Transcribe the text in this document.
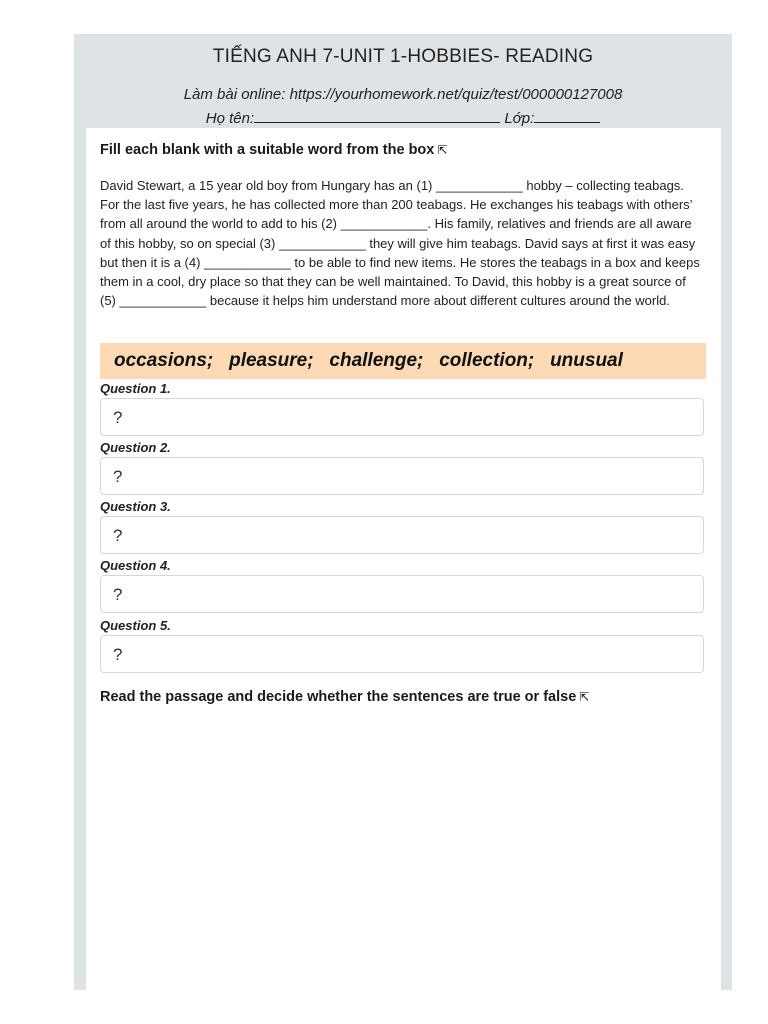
TIẾNG ANH 7-UNIT 1-HOBBIES- READING
Làm bài online: https://yourhomework.net/quiz/test/000000127008
Họ tên:	Lớp:
Fill each blank with a suitable word from the box ⇱
David Stewart, a 15 year old boy from Hungary has an (1) ____________ hobby – collecting teabags. For the last five years, he has collected more than 200 teabags. He exchanges his teabags with others’ from all around the world to add to his (2) ____________. His family, relatives and friends are all aware of this hobby, so on special (3) ____________ they will give him teabags. David says at first it was easy but then it is a (4) ____________ to be able to find new items. He stores the teabags in a box and keeps them in a cool, dry place so that they can be well maintained. To David, this hobby is a great source of (5) ____________ because it helps him understand more about different cultures around the world.
occasions;   pleasure;   challenge;   collection;   unusual
Question 1.
?
Question 2.
?
Question 3.
?
Question 4.
?
Question 5.
?
Read the passage and decide whether the sentences are true or false ⇱
